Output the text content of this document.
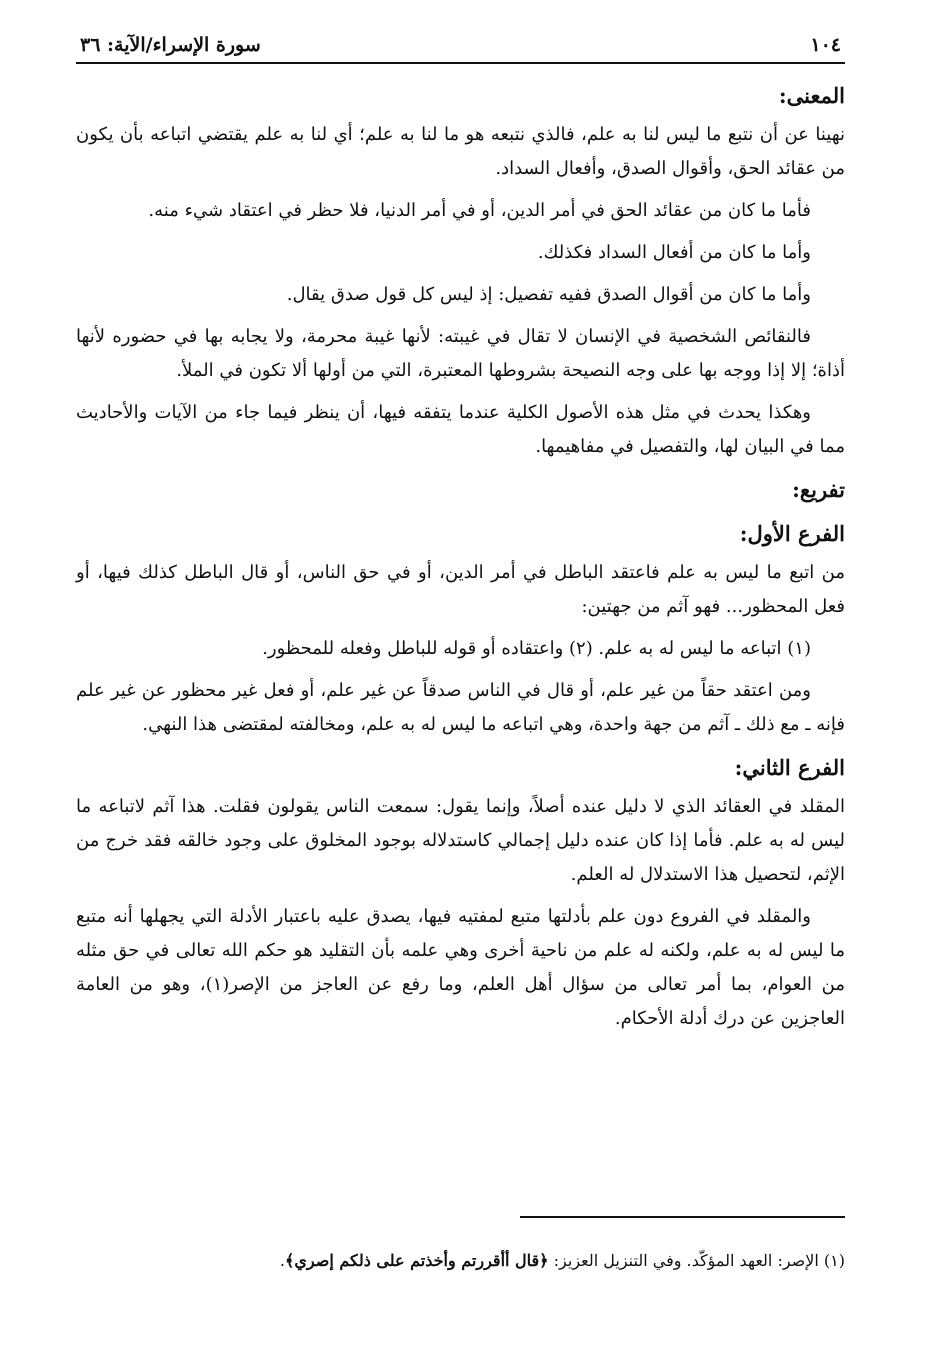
١٠٤
سورة الإسراء/الآية: ٣٦
المعنى:

نهينا عن أن نتبع ما ليس لنا به علم، فالذي نتبعه هو ما لنا به علم؛ أي لنا به علم يقتضي اتباعه بأن يكون من عقائد الحق، وأقوال الصدق، وأفعال السداد.

فأما ما كان من عقائد الحق في أمر الدين، أو في أمر الدنيا، فلا حظر في اعتقاد شيء منه.

وأما ما كان من أفعال السداد فكذلك.

وأما ما كان من أقوال الصدق ففيه تفصيل: إذ ليس كل قول صدق يقال.

فالنقائص الشخصية في الإنسان لا تقال في غيبته: لأنها غيبة محرمة، ولا يجابه بها في حضوره لأنها أذاة؛ إلا إذا ووجه بها على وجه النصيحة بشروطها المعتبرة، التي من أولها ألا تكون في الملأ.

وهكذا يحدث في مثل هذه الأصول الكلية عندما يتفقه فيها، أن ينظر فيما جاء من الآيات والأحاديث مما في البيان لها، والتفصيل في مفاهيمها.

تفريع:
الفرع الأول:

من اتبع ما ليس به علم فاعتقد الباطل في أمر الدين، أو في حق الناس، أو قال الباطل كذلك فيها، أو فعل المحظور... فهو آثم من جهتين:

(١) اتباعه ما ليس له به علم. (٢) واعتقاده أو قوله للباطل وفعله للمحظور.

ومن اعتقد حقاً من غير علم، أو قال في الناس صدقاً عن غير علم، أو فعل غير محظور عن غير علم فإنه ـ مع ذلك ـ آثم من جهة واحدة، وهي اتباعه ما ليس له به علم، ومخالفته لمقتضى هذا النهي.

الفرع الثاني:

المقلد في العقائد الذي لا دليل عنده أصلاً، وإنما يقول: سمعت الناس يقولون فقلت. هذا آثم لاتباعه ما ليس له به علم. فأما إذا كان عنده دليل إجمالي كاستدلاله بوجود المخلوق على وجود خالقه فقد خرج من الإثم، لتحصيل هذا الاستدلال له العلم.

والمقلد في الفروع دون علم بأدلتها متبع لمفتيه فيها، يصدق عليه باعتبار الأدلة التي يجهلها أنه متبع ما ليس له به علم، ولكنه له علم من ناحية أخرى وهي علمه بأن التقليد هو حكم الله تعالى في حق مثله من العوام، بما أمر تعالى من سؤال أهل العلم، وما رفع عن العاجز من الإصر(١)، وهو من العامة العاجزين عن درك أدلة الأحكام.

(١) الإصر: العهد المؤكّد. وفي التنزيل العزيز: ﴿قال أأقررتم وأخذتم على ذلكم إصري﴾.
